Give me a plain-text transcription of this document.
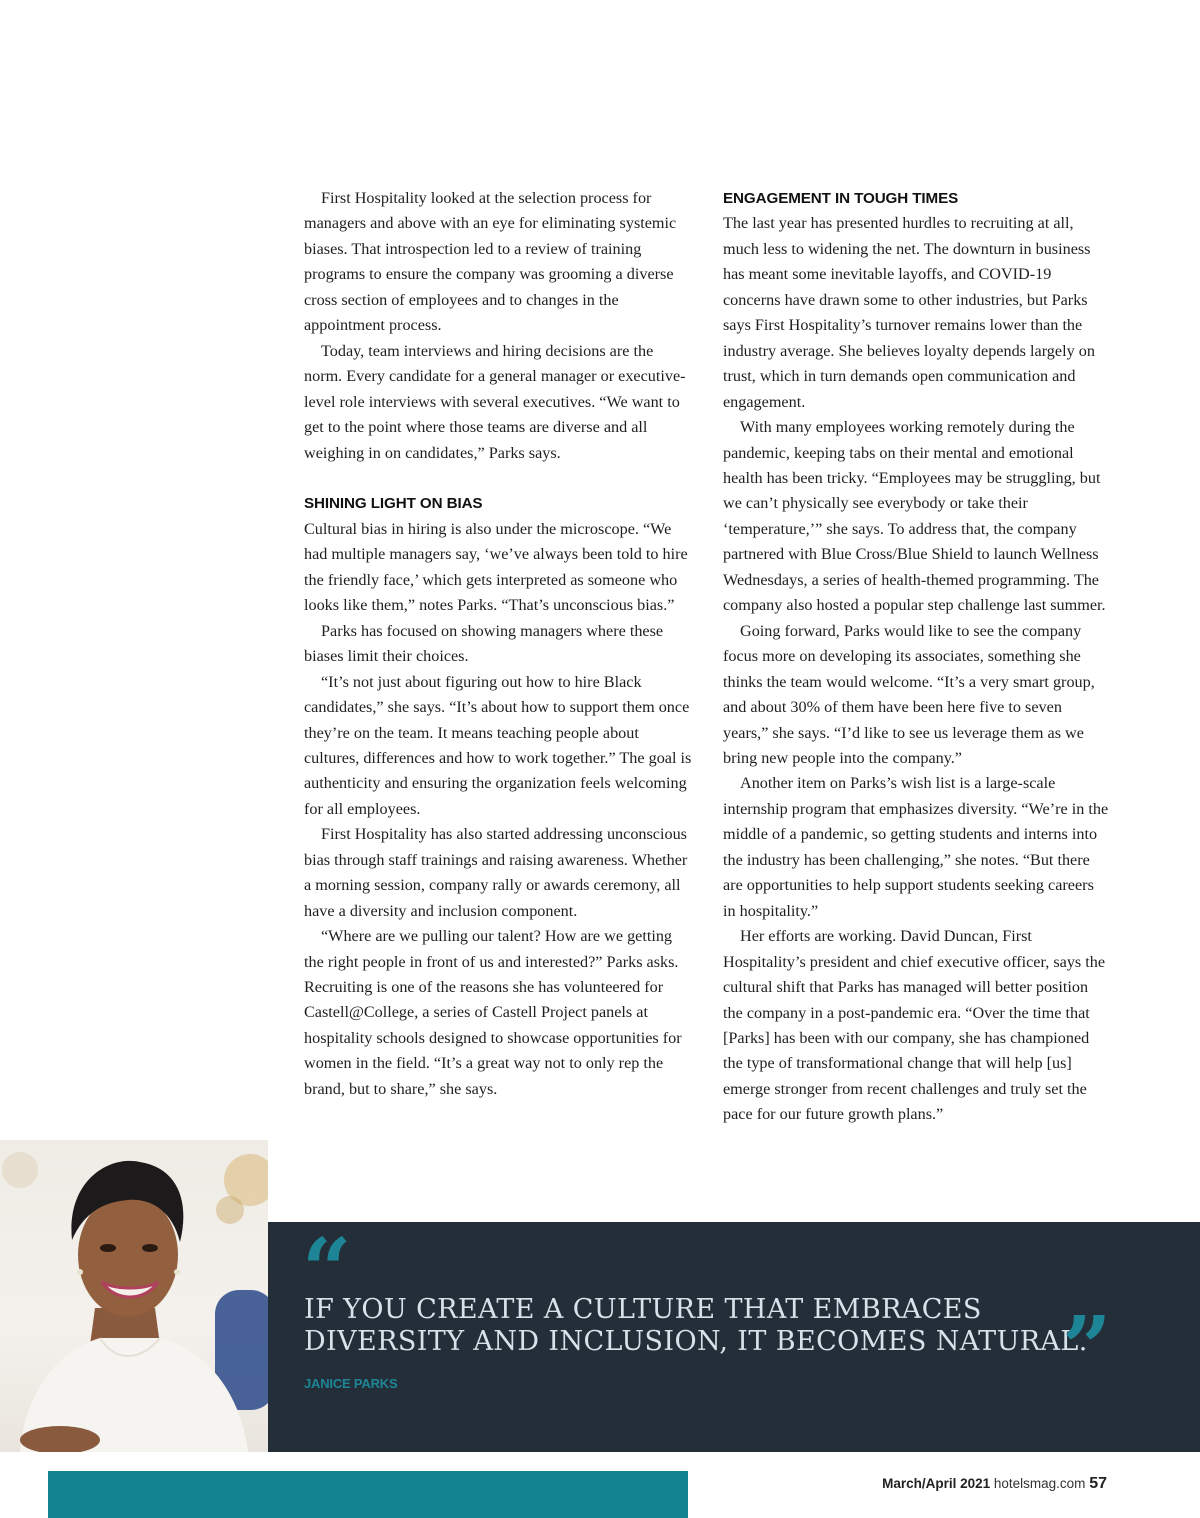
First Hospitality looked at the selection process for managers and above with an eye for eliminating systemic biases. That introspection led to a review of training programs to ensure the company was grooming a diverse cross section of employees and to changes in the appointment process.

Today, team interviews and hiring decisions are the norm. Every candidate for a general manager or executive-level role interviews with several executives. “We want to get to the point where those teams are diverse and all weighing in on candidates,” Parks says.

SHINING LIGHT ON BIAS

Cultural bias in hiring is also under the microscope. “We had multiple managers say, ‘we’ve always been told to hire the friendly face,’ which gets interpreted as someone who looks like them,” notes Parks. “That’s unconscious bias.”

Parks has focused on showing managers where these biases limit their choices.

“It’s not just about figuring out how to hire Black candidates,” she says. “It’s about how to support them once they’re on the team. It means teaching people about cultures, differences and how to work together.” The goal is authenticity and ensuring the organization feels welcoming for all employees.

First Hospitality has also started addressing unconscious bias through staff trainings and raising awareness. Whether a morning session, company rally or awards ceremony, all have a diversity and inclusion component.

“Where are we pulling our talent? How are we getting the right people in front of us and interested?” Parks asks. Recruiting is one of the reasons she has volunteered for Castell@College, a series of Castell Project panels at hospitality schools designed to showcase opportunities for women in the field. “It’s a great way not to only rep the brand, but to share,” she says.

ENGAGEMENT IN TOUGH TIMES

The last year has presented hurdles to recruiting at all, much less to widening the net. The downturn in business has meant some inevitable layoffs, and COVID-19 concerns have drawn some to other industries, but Parks says First Hospitality’s turnover remains lower than the industry average. She believes loyalty depends largely on trust, which in turn demands open communication and engagement.

With many employees working remotely during the pandemic, keeping tabs on their mental and emotional health has been tricky. “Employees may be struggling, but we can’t physically see everybody or take their ‘temperature,’” she says. To address that, the company partnered with Blue Cross/Blue Shield to launch Wellness Wednesdays, a series of health-themed programming. The company also hosted a popular step challenge last summer.

Going forward, Parks would like to see the company focus more on developing its associates, something she thinks the team would welcome. “It’s a very smart group, and about 30% of them have been here five to seven years,” she says. “I’d like to see us leverage them as we bring new people into the company.”

Another item on Parks’s wish list is a large-scale internship program that emphasizes diversity. “We’re in the middle of a pandemic, so getting students and interns into the industry has been challenging,” she notes. “But there are opportunities to help support students seeking careers in hospitality.”

Her efforts are working. David Duncan, First Hospitality’s president and chief executive officer, says the cultural shift that Parks has managed will better position the company in a post-pandemic era. “Over the time that [Parks] has been with our company, she has championed the type of transformational change that will help [us] emerge stronger from recent challenges and truly set the pace for our future growth plans.”

“
IF YOU CREATE A CULTURE THAT EMBRACES
DIVERSITY AND INCLUSION, IT BECOMES NATURAL.
”
JANICE PARKS
March/April 2021 hotelsmag.com 57
